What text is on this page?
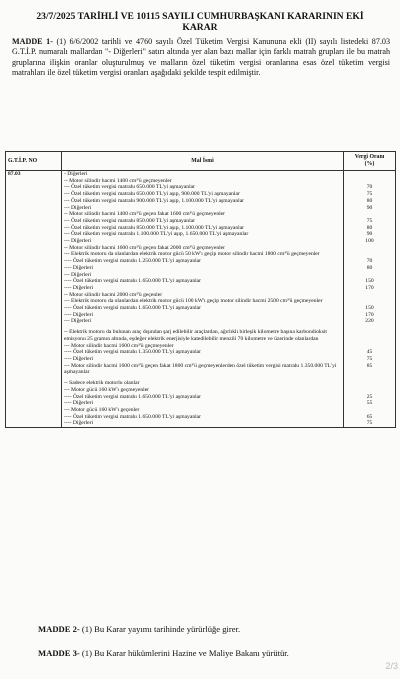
23/7/2025 TARİHLİ VE 10115 SAYILI CUMHURBAŞKANI KARARININ EKİ
KARAR
MADDE 1- (1) 6/6/2002 tarihli ve 4760 sayılı Özel Tüketim Vergisi Kanununa ekli (II) sayılı listedeki 87.03 G.T.İ.P. numaralı mallardan "- Diğerleri" satırı altında yer alan bazı mallar için farklı matrah grupları ile bu matrah gruplarına ilişkin oranlar oluşturulmuş ve malların özel tüketim vergisi oranlarına esas özel tüketim vergisi matrahları ile özel tüketim vergisi oranları aşağıdaki şekilde tespit edilmiştir.
G.T.İ.P. NO	Mal İsmi	Vergi Oranı
(%)

87.03	- Diğerleri	
	-- Motor silindir hacmi 1400 cm³'ü geçmeyenler	
	--- Özel tüketim vergisi matrahı 650.000 TL'yi aşmayanlar	70
	--- Özel tüketim vergisi matrahı 650.000 TL'yi aşıp, 900.000 TL'yi aşmayanlar	75
	--- Özel tüketim vergisi matrahı 900.000 TL'yi aşıp, 1.100.000 TL'yi aşmayanlar	80
	--- Diğerleri	90
	-- Motor silindir hacmi 1400 cm³'ü geçen fakat 1600 cm³'ü geçmeyenler	
	--- Özel tüketim vergisi matrahı 850.000 TL'yi aşmayanlar	75
	--- Özel tüketim vergisi matrahı 850.000 TL'yi aşıp, 1.100.000 TL'yi aşmayanlar	80
	--- Özel tüketim vergisi matrahı 1.100.000 TL'yi aşıp, 1.650.000 TL'yi aşmayanlar	90
	--- Diğerleri	100
	-- Motor silindir hacmi 1600 cm³'ü geçen fakat 2000 cm³'ü geçmeyenler	
	--- Elektrik motoru da olanlardan elektrik motor gücü 50 kW'ı geçip motor silindir hacmi 1800 cm³'ü geçmeyenler	
	---- Özel tüketim vergisi matrahı 1.250.000 TL'yi aşmayanlar	70
	---- Diğerleri	80
	--- Diğerleri	
	---- Özel tüketim vergisi matrahı 1.650.000 TL'yi aşmayanlar	150
	---- Diğerleri	170
	-- Motor silindir hacmi 2000 cm³'ü geçenler	
	--- Elektrik motoru da olanlardan elektrik motor gücü 100 kW'ı geçip motor silindir hacmi 2500 cm³'ü geçmeyenler	
	---- Özel tüketim vergisi matrahı 1.650.000 TL'yi aşmayanlar	150
	---- Diğerleri	170
	--- Diğerleri	220

	-- Elektrik motoru da bulunan araç dışından şarj edilebilir araçlardan, ağırlıklı birleşik kilometre başına karbondioksit emisyonu 25 gramın altında, eşdeğer elektrik enerjisiyle katedilebilir menzili 70 kilometre ve üzerinde olanlardan	
	--- Motor silindir hacmi 1600 cm³'ü geçmeyenler	
	---- Özel tüketim vergisi matrahı 1.350.000 TL'yi aşmayanlar	45
	---- Diğerleri	75
	--- Motor silindir hacmi 1600 cm³'ü geçen fakat 1800 cm³'ü geçmeyenlerden özel tüketim vergisi matrahı 1.350.000 TL'yi aşmayanlar	85

	-- Sadece elektrik motorlu olanlar	
	--- Motor gücü 160 kW'ı geçmeyenler	
	---- Özel tüketim vergisi matrahı 1.650.000 TL'yi aşmayanlar	25
	---- Diğerleri	55
	--- Motor gücü 160 kW'ı geçenler	
	---- Özel tüketim vergisi matrahı 1.650.000 TL'yi aşmayanlar	65
	---- Diğerleri	75
MADDE 2- (1) Bu Karar yayımı tarihinde yürürlüğe girer.
MADDE 3- (1) Bu Karar hükümlerini Hazine ve Maliye Bakanı yürütür.
2/3
